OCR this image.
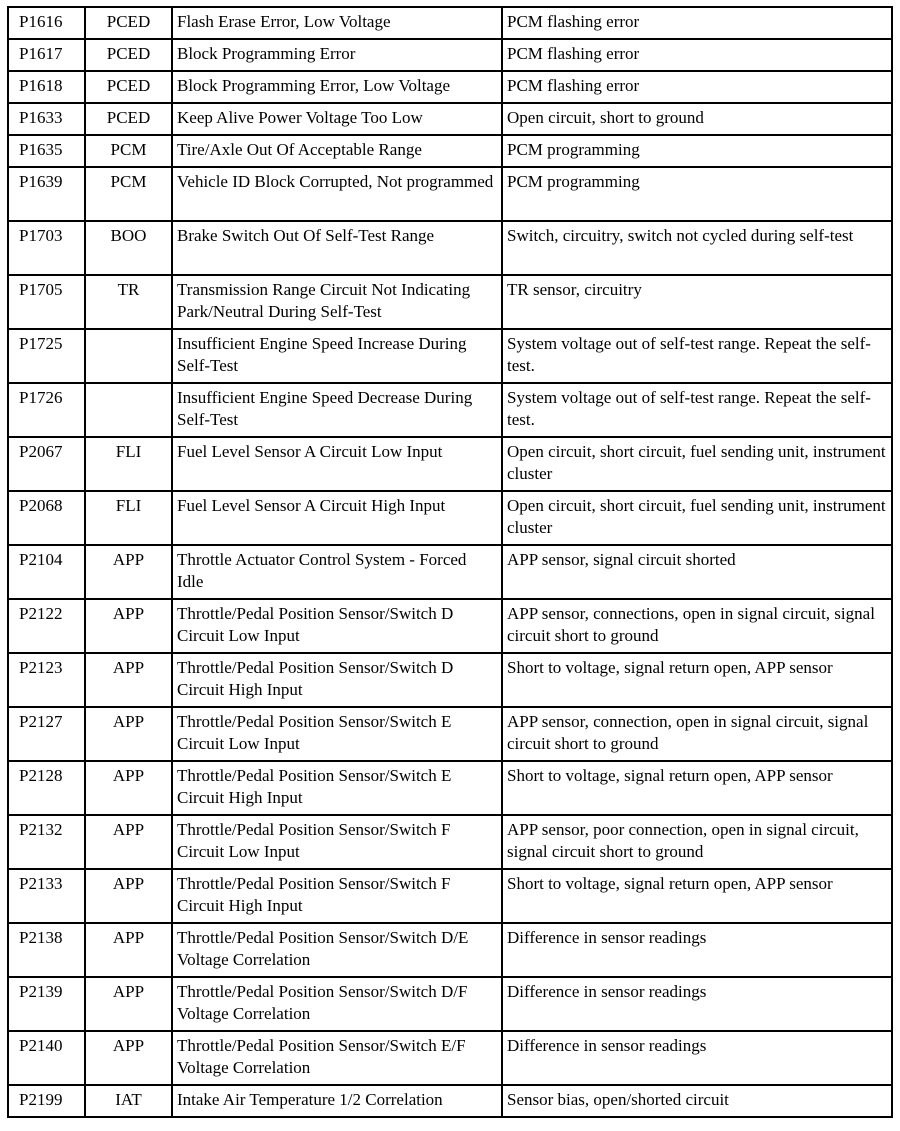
P1616	PCED	Flash Erase Error, Low Voltage	PCM flashing error
P1617	PCED	Block Programming Error	PCM flashing error
P1618	PCED	Block Programming Error, Low Voltage	PCM flashing error
P1633	PCED	Keep Alive Power Voltage Too Low	Open circuit, short to ground
P1635	PCM	Tire/Axle Out Of Acceptable Range	PCM programming
P1639	PCM	Vehicle ID Block Corrupted, Not programmed	PCM programming
P1703	BOO	Brake Switch Out Of Self-Test Range	Switch, circuitry, switch not cycled during self-test
P1705	TR	Transmission Range Circuit Not Indicating Park/Neutral During Self-Test	TR sensor, circuitry
P1725		Insufficient Engine Speed Increase During Self-Test	System voltage out of self-test range. Repeat the self-test.
P1726		Insufficient Engine Speed Decrease During Self-Test	System voltage out of self-test range. Repeat the self-test.
P2067	FLI	Fuel Level Sensor A Circuit Low Input	Open circuit, short circuit, fuel sending unit, instrument cluster
P2068	FLI	Fuel Level Sensor A Circuit High Input	Open circuit, short circuit, fuel sending unit, instrument cluster
P2104	APP	Throttle Actuator Control System - Forced Idle	APP sensor, signal circuit shorted
P2122	APP	Throttle/Pedal Position Sensor/Switch D Circuit Low Input	APP sensor, connections, open in signal circuit, signal circuit short to ground
P2123	APP	Throttle/Pedal Position Sensor/Switch D Circuit High Input	Short to voltage, signal return open, APP sensor
P2127	APP	Throttle/Pedal Position Sensor/Switch E Circuit Low Input	APP sensor, connection, open in signal circuit, signal circuit short to ground
P2128	APP	Throttle/Pedal Position Sensor/Switch E Circuit High Input	Short to voltage, signal return open, APP sensor
P2132	APP	Throttle/Pedal Position Sensor/Switch F Circuit Low Input	APP sensor, poor connection, open in signal circuit, signal circuit short to ground
P2133	APP	Throttle/Pedal Position Sensor/Switch F Circuit High Input	Short to voltage, signal return open, APP sensor
P2138	APP	Throttle/Pedal Position Sensor/Switch D/E Voltage Correlation	Difference in sensor readings
P2139	APP	Throttle/Pedal Position Sensor/Switch D/F Voltage Correlation	Difference in sensor readings
P2140	APP	Throttle/Pedal Position Sensor/Switch E/F Voltage Correlation	Difference in sensor readings
P2199	IAT	Intake Air Temperature 1/2 Correlation	Sensor bias, open/shorted circuit
